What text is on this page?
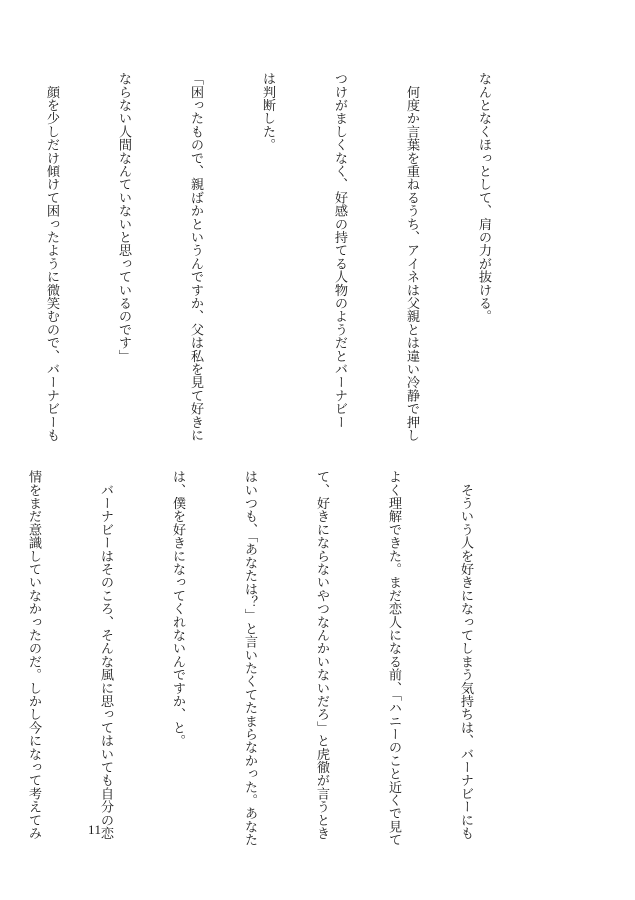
なんとなくほっとして、肩の力が抜ける。

　何度か言葉を重ねるうち、アイネは父親とは違い冷静で押し

つけがましくなく、好感の持てる人物のようだとバーナビー

は判断した。

「困ったもので、親ばかというんですか、父は私を見て好きに

ならない人間なんていないと思っているのです」

　顔を少しだけ傾けて困ったように微笑むので、バーナビーも

　そういう人を好きになってしまう気持ちは、バーナビーにも

よく理解できた。まだ恋人になる前、「ハニーのこと近くで見て

て、好きにならないやつなんかいないだろ」と虎徹が言うとき

はいつも、「あなたは？」と言いたくてたまらなかった。あなた

は、僕を好きになってくれないんですか、と。

　バーナビーはそのころ、そんな風に思ってはいても自分の恋

情をまだ意識していなかったのだ。しかし今になって考えてみ

	11
